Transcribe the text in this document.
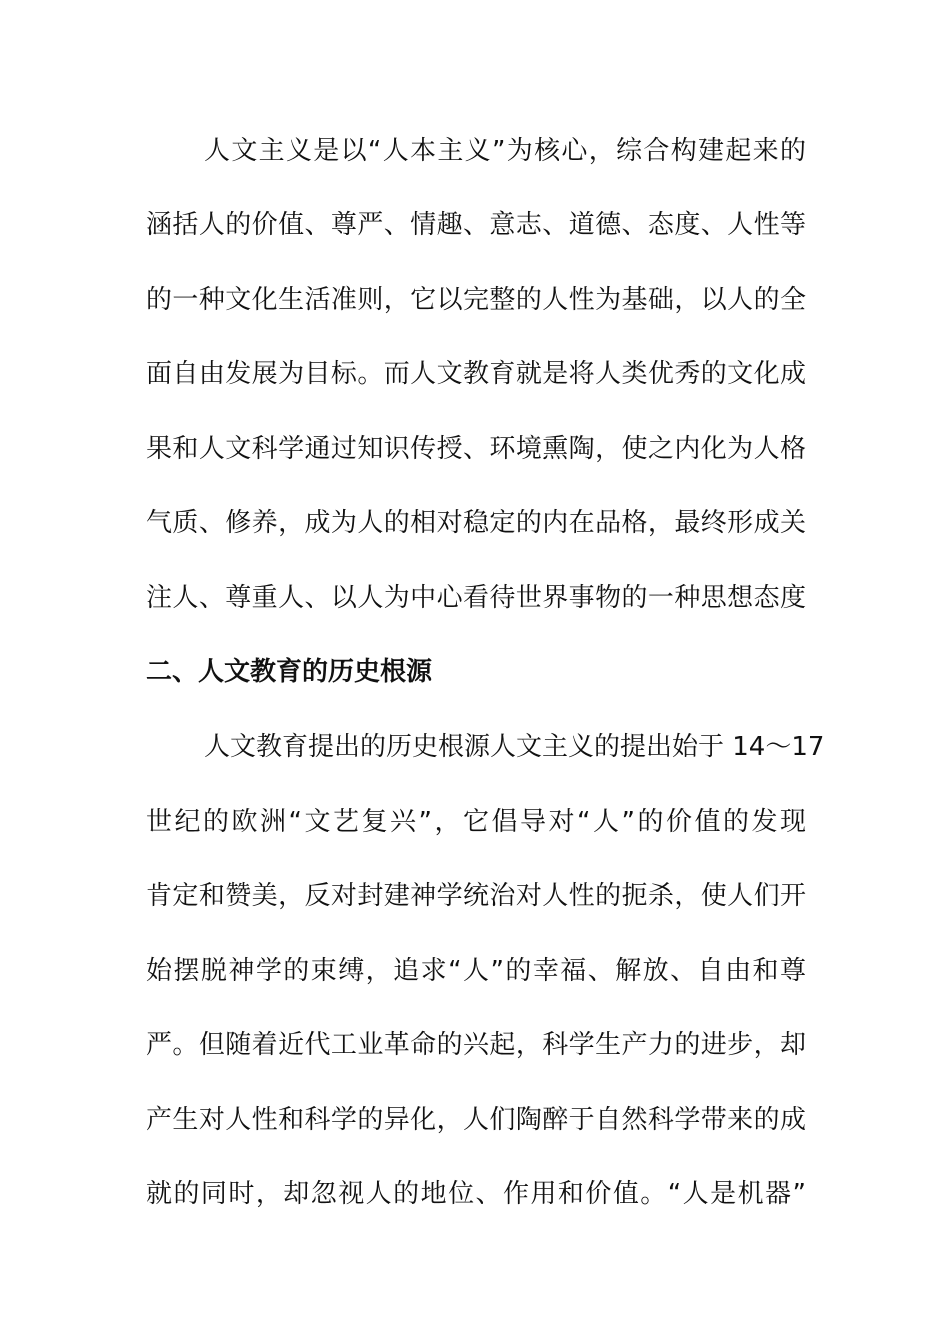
人文主义是以“人本主义”为核心，综合构建起来的
涵括人的价值、尊严、情趣、意志、道德、态度、人性等
的一种文化生活准则，它以完整的人性为基础，以人的全
面自由发展为目标。而人文教育就是将人类优秀的文化成
果和人文科学通过知识传授、环境熏陶，使之内化为人格
气质、修养，成为人的相对稳定的内在品格，最终形成关
注人、尊重人、以人为中心看待世界事物的一种思想态度
二、人文教育的历史根源
人文教育提出的历史根源人文主义的提出始于 14～17
世纪的欧洲“文艺复兴”，它倡导对“人”的价值的发现
肯定和赞美，反对封建神学统治对人性的扼杀，使人们开
始摆脱神学的束缚，追求“人”的幸福、解放、自由和尊
严。但随着近代工业革命的兴起，科学生产力的进步，却
产生对人性和科学的异化，人们陶醉于自然科学带来的成
就的同时，却忽视人的地位、作用和价值。“人是机器”
